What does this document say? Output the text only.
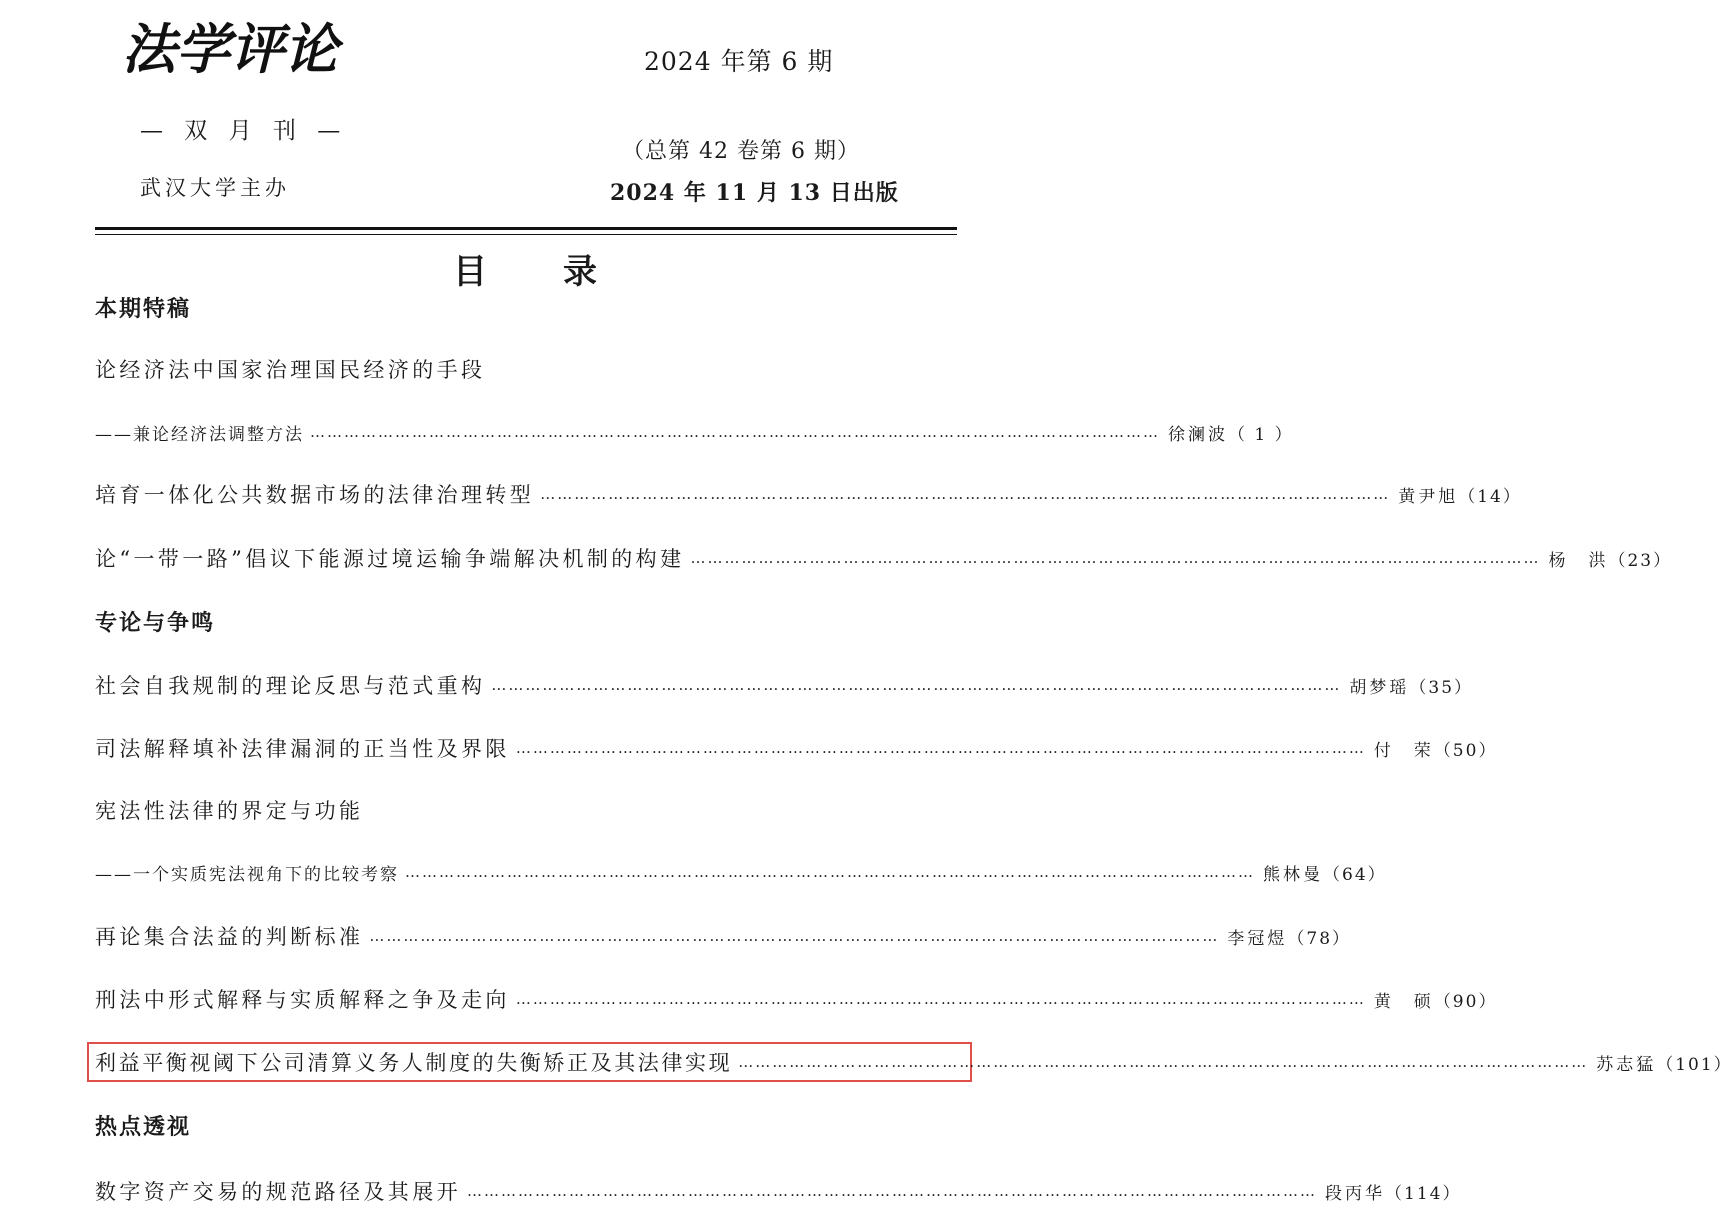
法学评论	2024 年第 6 期
— 双 月 刊 —
武汉大学主办
（总第 42 卷第 6 期）
2024 年 11 月 13 日出版
目录
本期特稿
论经济法中国家治理国民经济的手段
——兼论经济法调整方法 …………………………………………………………………………………………………………………………………… 徐澜波 （ 1 ）
培育一体化公共数据市场的法律治理转型 …………………………………………………………………………………………………………………………………… 黄尹旭 （14）
论“一带一路”倡议下能源过境运输争端解决机制的构建 …………………………………………………………………………………………………………………………………… 杨　洪 （23）
专论与争鸣
社会自我规制的理论反思与范式重构 …………………………………………………………………………………………………………………………………… 胡梦瑶 （35）
司法解释填补法律漏洞的正当性及界限 …………………………………………………………………………………………………………………………………… 付　荣 （50）
宪法性法律的界定与功能
——一个实质宪法视角下的比较考察 …………………………………………………………………………………………………………………………………… 熊林曼 （64）
再论集合法益的判断标准 …………………………………………………………………………………………………………………………………… 李冠煜 （78）
刑法中形式解释与实质解释之争及走向 …………………………………………………………………………………………………………………………………… 黄　硕 （90）
利益平衡视阈下公司清算义务人制度的失衡矫正及其法律实现 …………………………………………………………………………………………………………………………………… 苏志猛 （101）
热点透视
数字资产交易的规范路径及其展开 …………………………………………………………………………………………………………………………………… 段丙华 （114）
